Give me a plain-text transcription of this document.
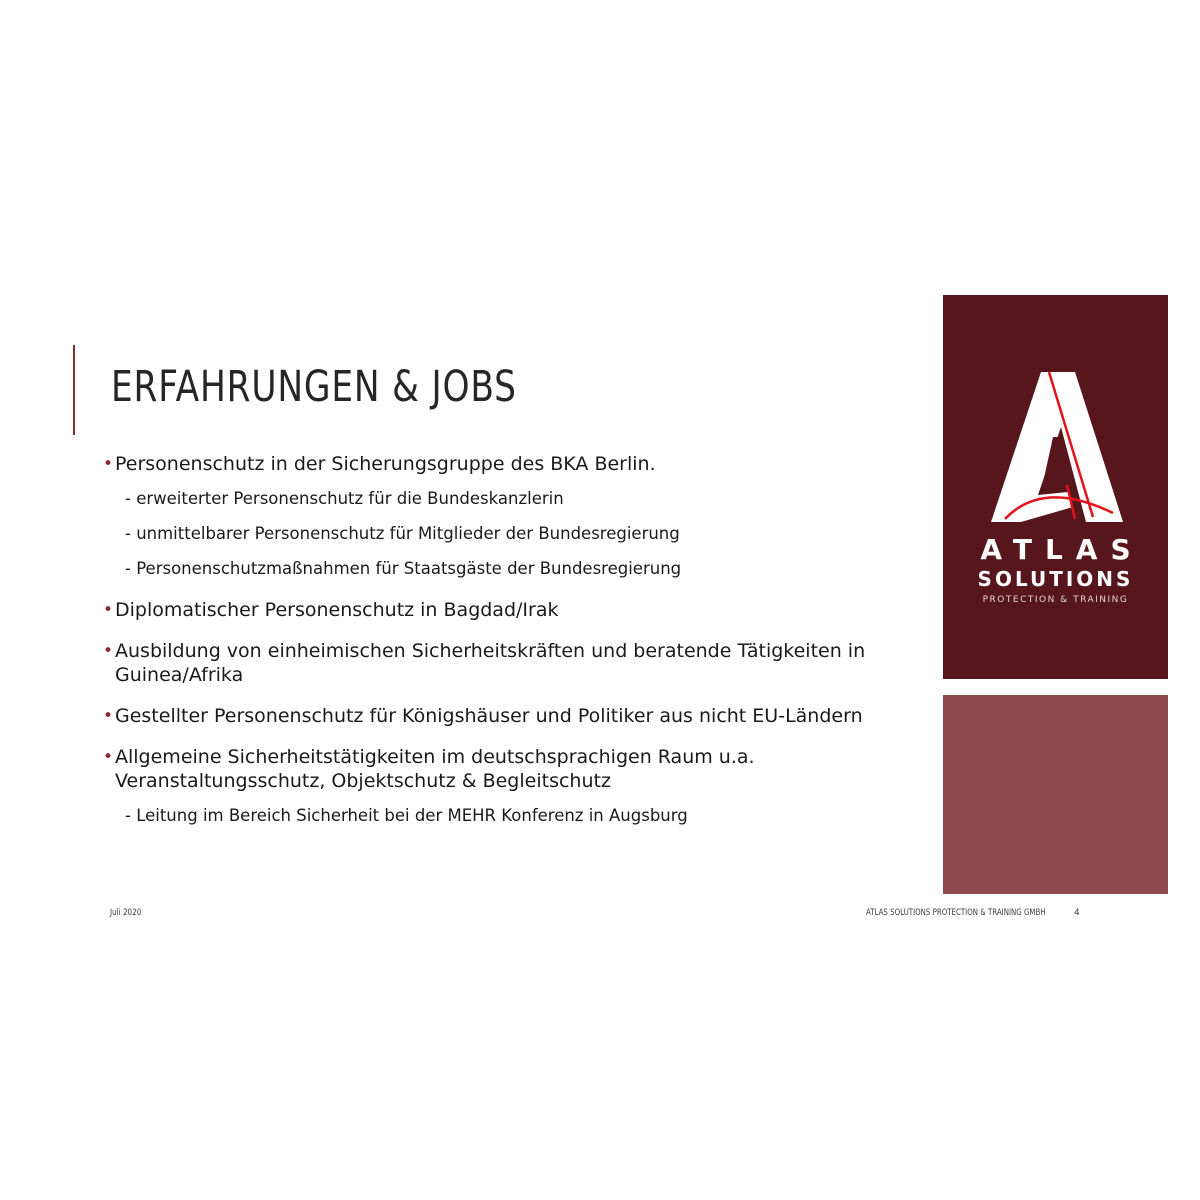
ERFAHRUNGEN & JOBS
• Personenschutz in der Sicherungsgruppe des BKA Berlin.
- erweiterter Personenschutz für die Bundeskanzlerin
- unmittelbarer Personenschutz für Mitglieder der Bundesregierung
- Personenschutzmaßnahmen für Staatsgäste der Bundesregierung
• Diplomatischer Personenschutz in Bagdad/Irak
• Ausbildung von einheimischen Sicherheitskräften und beratende Tätigkeiten in Guinea/Afrika
• Gestellter Personenschutz für Königshäuser und Politiker aus nicht EU-Ländern
• Allgemeine Sicherheitstätigkeiten im deutschsprachigen Raum u.a. Veranstaltungsschutz, Objektschutz & Begleitschutz
- Leitung im Bereich Sicherheit bei der MEHR Konferenz in Augsburg
Juli 2020	ATLAS SOLUTIONS PROTECTION & TRAINING GMBH	4
ATLAS
SOLUTIONS
PROTECTION & TRAINING
